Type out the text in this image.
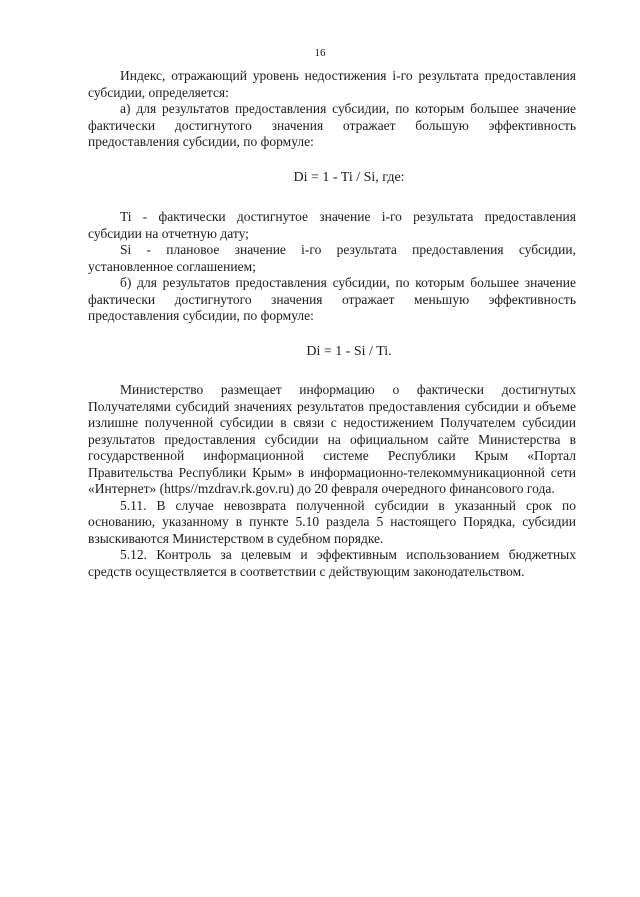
16

Индекс, отражающий уровень недостижения i-го результата предоставления субсидии, определяется:

а) для результатов предоставления субсидии, по которым большее значение фактически достигнутого значения отражает большую эффективность предоставления субсидии, по формуле:

Di = 1 - Ti / Si, где:

Ti - фактически достигнутое значение i-го результата предоставления субсидии на отчетную дату;

Si - плановое значение i-го результата предоставления субсидии, установленное соглашением;

б) для результатов предоставления субсидии, по которым большее значение фактически достигнутого значения отражает меньшую эффективность предоставления субсидии, по формуле:

Di = 1 - Si / Ti.

Министерство размещает информацию о фактически достигнутых Получателями субсидий значениях результатов предоставления субсидии и объеме излишне полученной субсидии в связи с недостижением Получателем субсидии результатов предоставления субсидии на официальном сайте Министерства в государственной информационной системе Республики Крым «Портал Правительства Республики Крым» в информационно-телекоммуникационной сети «Интернет» (https//mzdrav.rk.gov.ru) до 20 февраля очередного финансового года.

5.11. В случае невозврата полученной субсидии в указанный срок по основанию, указанному в пункте 5.10 раздела 5 настоящего Порядка, субсидии взыскиваются Министерством в судебном порядке.

5.12. Контроль за целевым и эффективным использованием бюджетных средств осуществляется в соответствии с действующим законодательством.
